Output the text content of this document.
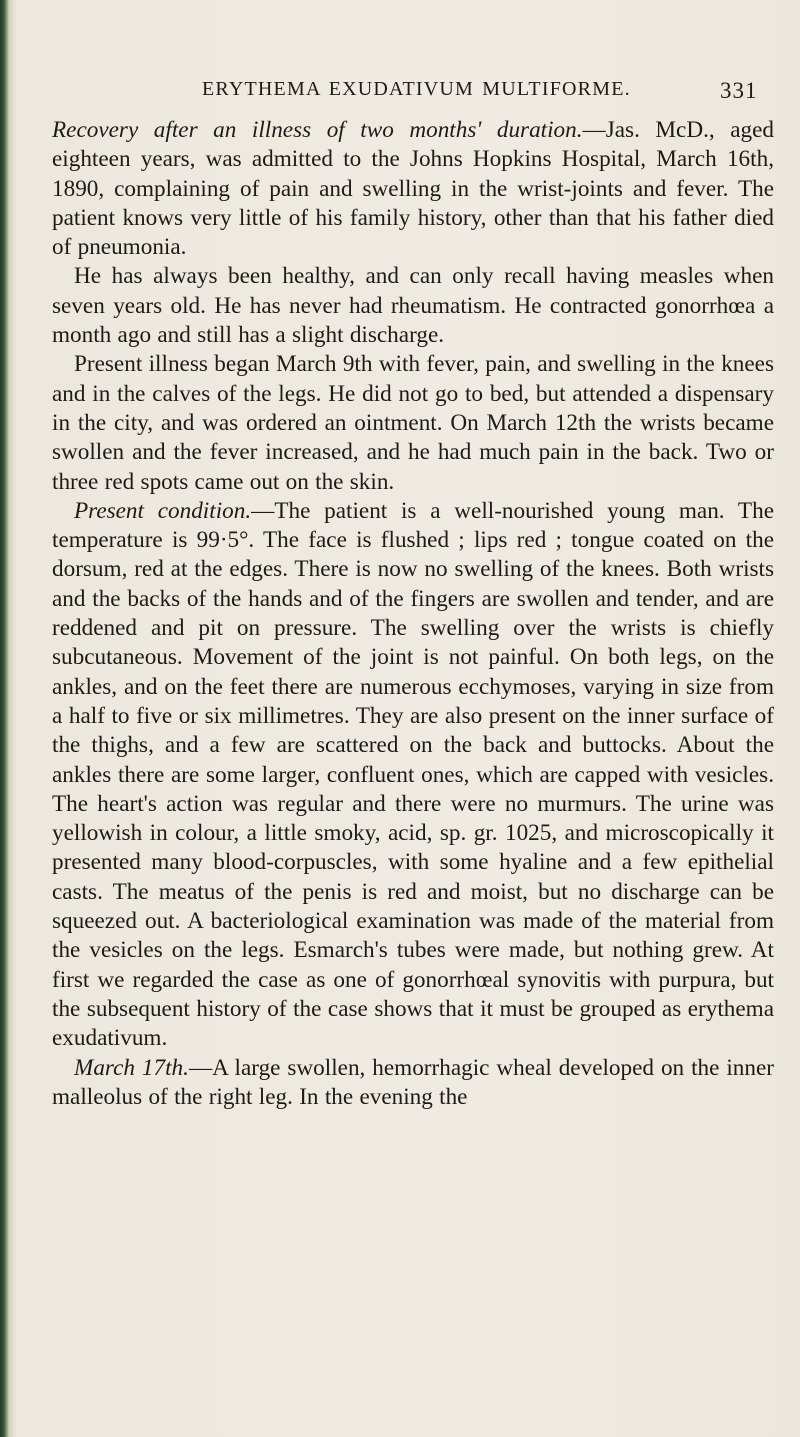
ERYTHEMA EXUDATIVUM MULTIFORME.	331

Recovery after an illness of two months' duration.—Jas. McD., aged eighteen years, was admitted to the Johns Hopkins Hospital, March 16th, 1890, complaining of pain and swelling in the wrist-joints and fever. The patient knows very little of his family history, other than that his father died of pneumonia.

He has always been healthy, and can only recall having measles when seven years old. He has never had rheumatism. He contracted gonorrhœa a month ago and still has a slight discharge.

Present illness began March 9th with fever, pain, and swelling in the knees and in the calves of the legs. He did not go to bed, but attended a dispensary in the city, and was ordered an ointment. On March 12th the wrists became swollen and the fever increased, and he had much pain in the back. Two or three red spots came out on the skin.

Present condition.—The patient is a well-nourished young man. The temperature is 99·5°. The face is flushed ; lips red ; tongue coated on the dorsum, red at the edges. There is now no swelling of the knees. Both wrists and the backs of the hands and of the fingers are swollen and tender, and are reddened and pit on pressure. The swelling over the wrists is chiefly subcutaneous. Movement of the joint is not painful. On both legs, on the ankles, and on the feet there are numerous ecchymoses, varying in size from a half to five or six millimetres. They are also present on the inner surface of the thighs, and a few are scattered on the back and buttocks. About the ankles there are some larger, confluent ones, which are capped with vesicles. The heart's action was regular and there were no murmurs. The urine was yellowish in colour, a little smoky, acid, sp. gr. 1025, and microscopically it presented many blood-corpuscles, with some hyaline and a few epithelial casts. The meatus of the penis is red and moist, but no discharge can be squeezed out. A bacteriological examination was made of the material from the vesicles on the legs. Esmarch's tubes were made, but nothing grew. At first we regarded the case as one of gonorrhœal synovitis with purpura, but the subsequent history of the case shows that it must be grouped as erythema exudativum.

March 17th.—A large swollen, hemorrhagic wheal developed on the inner malleolus of the right leg. In the evening the
